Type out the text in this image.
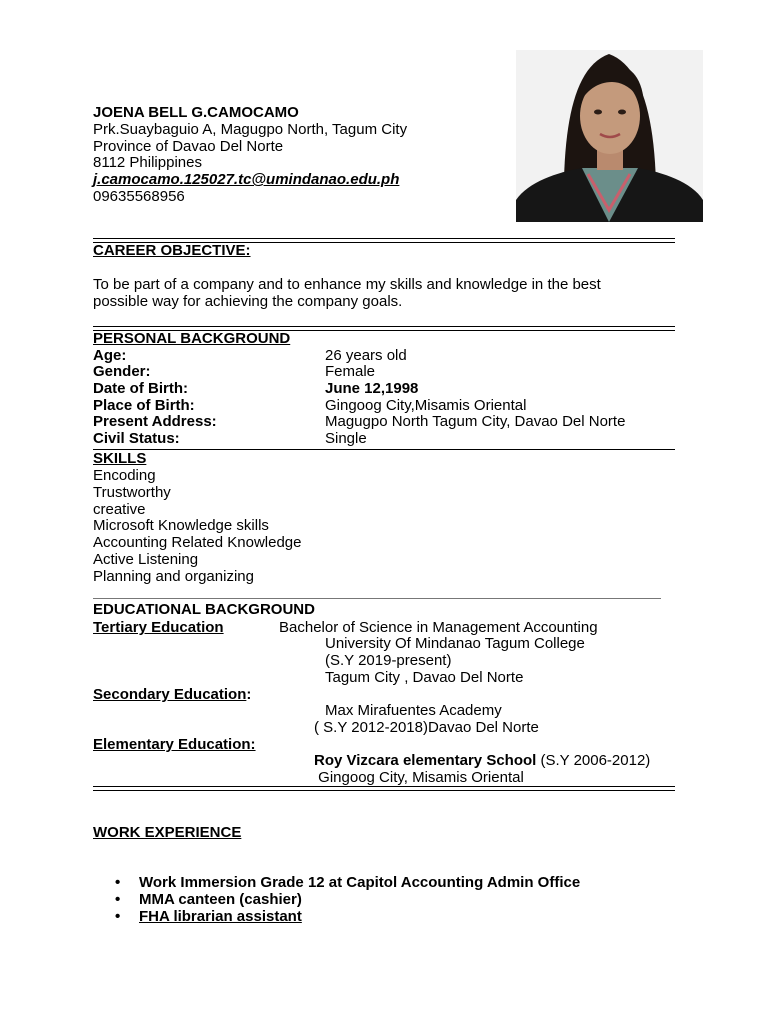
JOENA BELL G.CAMOCAMO
Prk.Suaybaguio A, Magugpo North, Tagum City
Province of Davao Del Norte
8112 Philippines
j.camocamo.125027.tc@umindanao.edu.ph
09635568956
CAREER OBJECTIVE:
To be part of a company and to enhance my skills and knowledge in the best
possible way for achieving the company goals.
PERSONAL BACKGROUND
Age:	26 years old
Gender:	Female
Date of Birth:	June 12,1998
Place of Birth:	Gingoog City,Misamis Oriental
Present Address:	Magugpo North Tagum City, Davao Del Norte
Civil Status:	Single
SKILLS
Encoding
Trustworthy
creative
Microsoft Knowledge skills
Accounting Related Knowledge
Active Listening
Planning and organizing
EDUCATIONAL BACKGROUND
Tertiary Education	Bachelor of Science in Management Accounting
University Of Mindanao Tagum College
(S.Y 2019-present)
Tagum City , Davao Del Norte
Secondary Education:
Max Mirafuentes Academy
( S.Y 2012-2018)Davao Del Norte
Elementary Education:
Roy Vizcara elementary School (S.Y 2006-2012)
Gingoog City, Misamis Oriental
WORK EXPERIENCE
• Work Immersion Grade 12 at Capitol Accounting Admin Office
• MMA canteen (cashier)
• FHA librarian assistant
